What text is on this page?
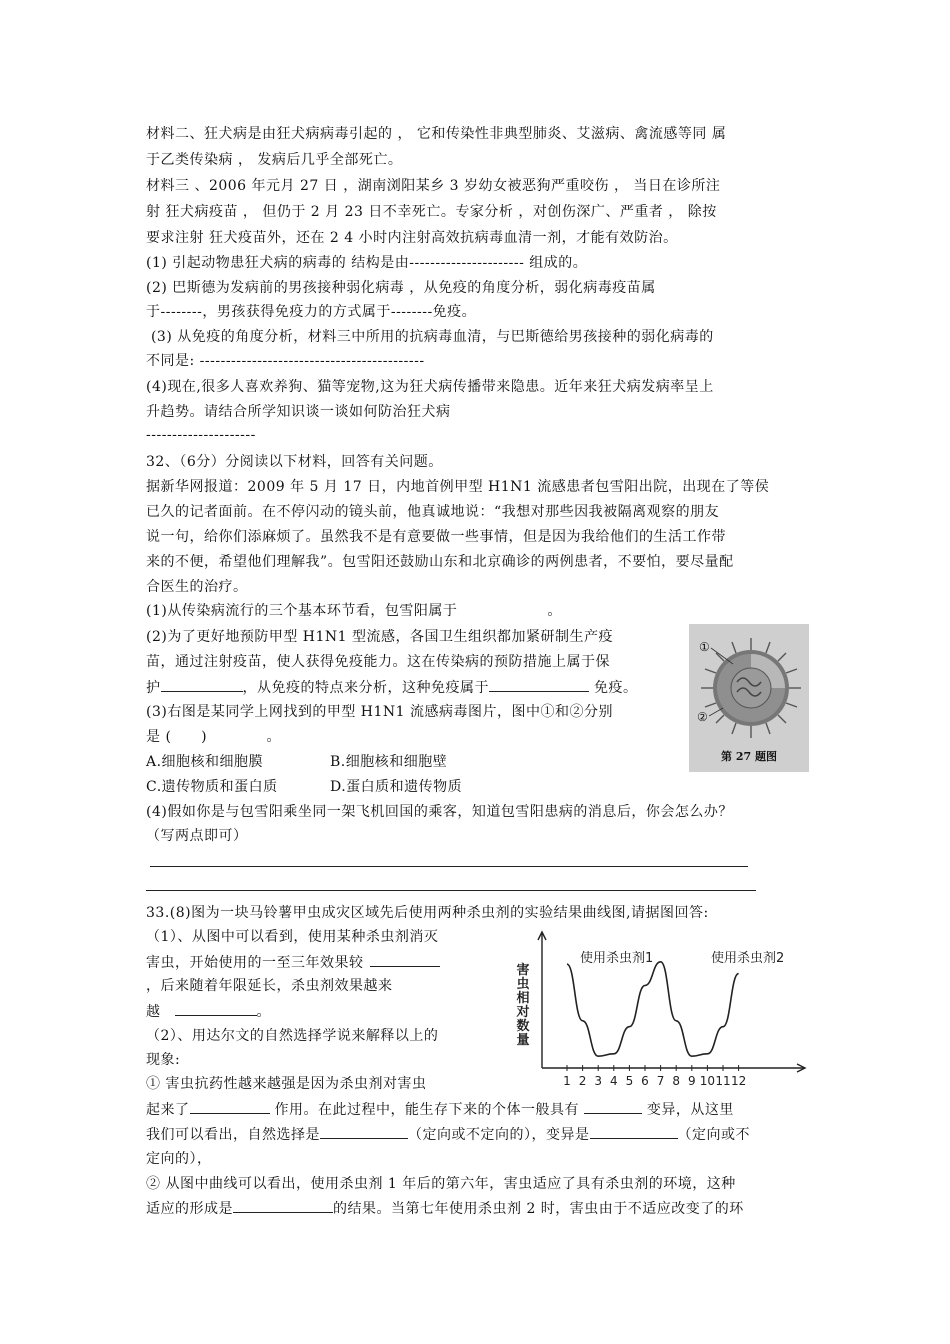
材料二、狂犬病是由狂犬病病毒引起的 ， 它和传染性非典型肺炎、艾滋病、禽流感等同 属
于乙类传染病 ， 发病后几乎全部死亡。
材料三 、2006 年元月 27 日 ，湖南浏阳某乡 3 岁幼女被恶狗严重咬伤 ， 当日在诊所注
射 狂犬病疫苗 ， 但仍于 2 月 23 日不幸死亡。专家分析 ，对创伤深广、严重者 ， 除按
要求注射 狂犬疫苗外，还在 2 4 小时内注射高效抗病毒血清一剂，才能有效防治。
(1) 引起动物患狂犬病的病毒的 结构是由---------------------- 组成的。
(2) 巴斯德为发病前的男孩接种弱化病毒 ，从免疫的角度分析，弱化病毒疫苗属
于--------，男孩获得免疫力的方式属于--------免疫。
(3) 从免疫的角度分析，材料三中所用的抗病毒血清，与巴斯德给男孩接种的弱化病毒的
不同是: -------------------------------------------
(4)现在,很多人喜欢养狗、猫等宠物,这为狂犬病传播带来隐患。近年来狂犬病发病率呈上
升趋势。请结合所学知识谈一谈如何防治狂犬病
---------------------
32、（6分）分阅读以下材料，回答有关问题。
据新华网报道：2009 年 5 月 17 日，内地首例甲型 H1N1 流感患者包雪阳出院，出现在了等侯
已久的记者面前。在不停闪动的镜头前，他真诚地说：“我想对那些因我被隔离观察的朋友
说一句，给你们添麻烦了。虽然我不是有意要做一些事情，但是因为我给他们的生活工作带
来的不便，希望他们理解我”。包雪阳还鼓励山东和北京确诊的两例患者，不要怕，要尽量配
合医生的治疗。
(1)从传染病流行的三个基本环节看，包雪阳属于	。
(2)为了更好地预防甲型 H1N1 型流感，各国卫生组织都加紧研制生产疫
苗，通过注射疫苗，使人获得免疫能力。这在传染病的预防措施上属于保
护	，从免疫的特点来分析，这种免疫属于	免疫。
(3)右图是某同学上网找到的甲型 H1N1 流感病毒图片，图中①和②分别
是 (      )            。
A.细胞核和细胞膜	B.细胞核和细胞壁
C.遗传物质和蛋白质	D.蛋白质和遗传物质
(4)假如你是与包雪阳乘坐同一架飞机回国的乘客，知道包雪阳患病的消息后，你会怎么办？
（写两点即可）
①
②
第 27 题图
33.(8)图为一块马铃薯甲虫成灾区域先后使用两种杀虫剂的实验结果曲线图,请据图回答:
（1）、从图中可以看到，使用某种杀虫剂消灭
害虫，开始使用的一至三年效果较
，后来随着年限延长，杀虫剂效果越来
越	。
（2）、用达尔文的自然选择学说来解释以上的
现象:
① 害虫抗药性越来越强是因为杀虫剂对害虫
起来了	作用。在此过程中，能生存下来的个体一般具有	变异，从这里
我们可以看出，自然选择是	（定向或不定向的），变异是	（定向或不
定向的），
② 从图中曲线可以看出，使用杀虫剂 1 年后的第六年，害虫适应了具有杀虫剂的环境，这种
适应的形成是	的结果。当第七年使用杀虫剂 2 时，害虫由于不适应改变了的环
害
虫
相
对
数
量
1 2 3 4 5 6 7 8 9 10 11 12
使用杀虫剂1	使用杀虫剂2
